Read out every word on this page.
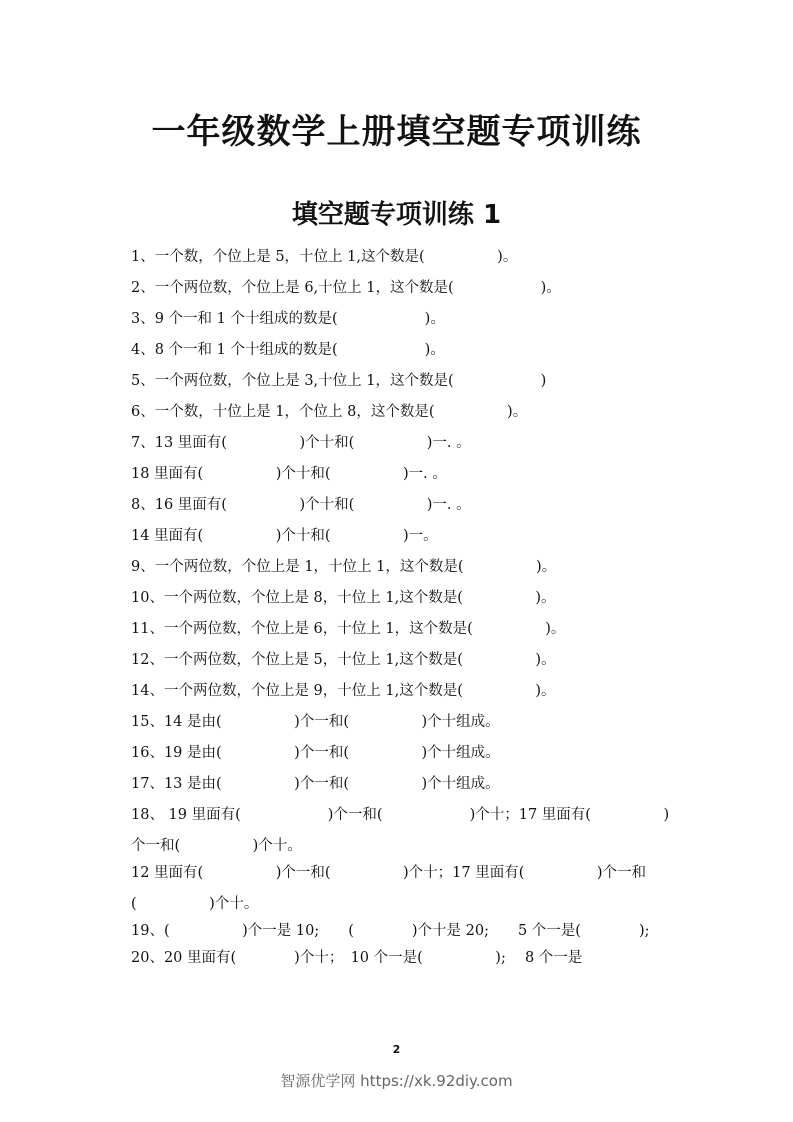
一年级数学上册填空题专项训练
填空题专项训练 1
1、一个数，个位上是 5，十位上 1,这个数是(　　　　　)。
2、一个两位数，个位上是 6,十位上 1，这个数是(　　　　　　)。
3、9 个一和 1 个十组成的数是(　　　　　　)。
4、8 个一和 1 个十组成的数是(　　　　　　)。
5、一个两位数，个位上是 3,十位上 1，这个数是(　　　　　　)
6、一个数，十位上是 1，个位上 8，这个数是(　　　　　)。
7、13 里面有(　　　　　)个十和(　　　　　)一. 。
18 里面有(　　　　　)个十和(　　　　　)一. 。
8、16 里面有(　　　　　)个十和(　　　　　)一. 。
14 里面有(　　　　　)个十和(　　　　　)一。
9、一个两位数，个位上是 1，十位上 1，这个数是(　　　　　)。
10、一个两位数，个位上是 8，十位上 1,这个数是(　　　　　)。
11、一个两位数，个位上是 6，十位上 1，这个数是(　　　　　)。
12、一个两位数，个位上是 5，十位上 1,这个数是(　　　　　)。
14、一个两位数，个位上是 9，十位上 1,这个数是(　　　　　)。
15、14 是由(　　　　　)个一和(　　　　　)个十组成。
16、19 是由(　　　　　)个一和(　　　　　)个十组成。
17、13 是由(　　　　　)个一和(　　　　　)个十组成。
18、 19 里面有(　　　　　　)个一和(　　　　　　)个十；17 里面有(　　　　　)个一和(　　　　　)个十。
12 里面有(　　　　　)个一和(　　　　　)个十；17 里面有(　　　　　)个一和(　　　　　)个十。
19、(　　　　　)个一是 10;　　(　　　　)个十是 20;　　5 个一是(　　　　);
20、20 里面有(　　　　)个十；　10 个一是(　　　　　);　 8 个一是
2
智源优学网 https://xk.92diy.com
